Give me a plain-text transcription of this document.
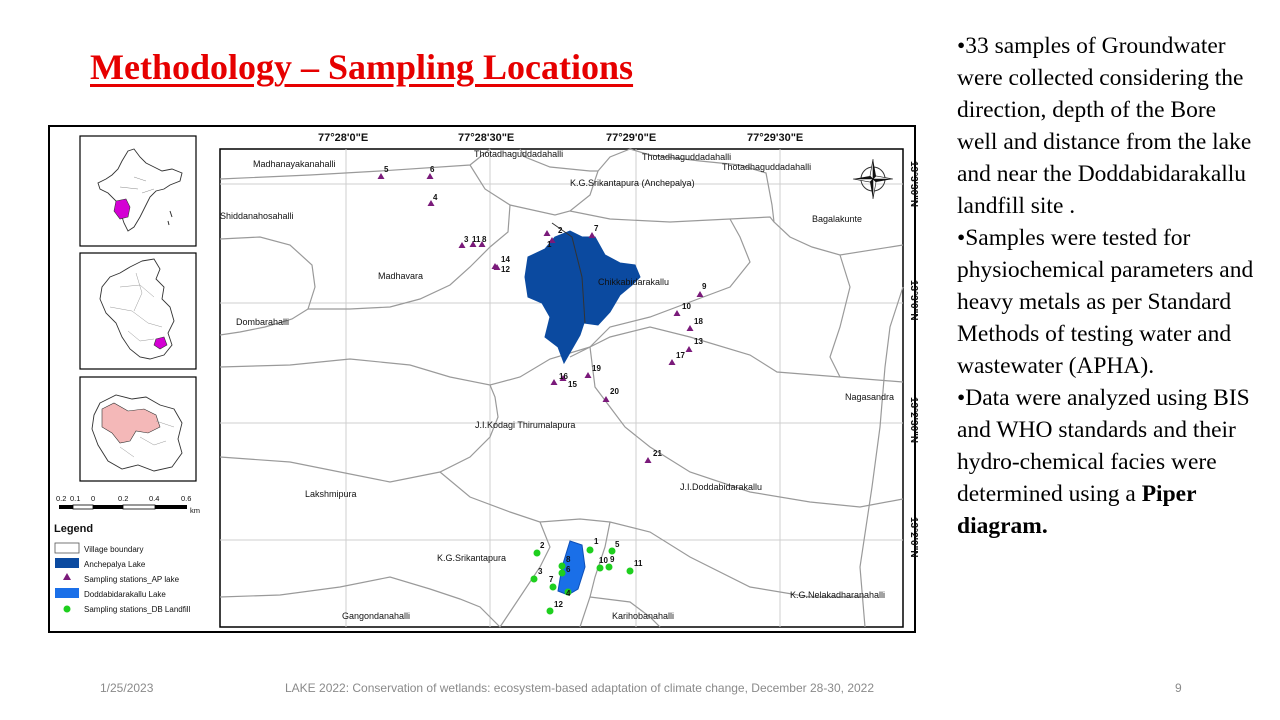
Methodology – Sampling Locations

•33 samples of Groundwater were collected considering the direction, depth of the Bore well and distance from the lake and near the Doddabidarakallu landfill site .

•Samples were tested for physiochemical parameters and heavy metals as per Standard Methods of testing water and wastewater (APHA).

•Data were analyzed using BIS and WHO standards and their hydro-chemical facies were determined using a Piper diagram.

Madhanayakanahalli
Thotadhaguddadahalli	Thotadhaguddadahalli
Thotadhaguddadahalli
K.G.Srikantapura (Anchepalya)
Shiddanahosahalli	Bagalakunte
Madhavara
Chikkabidarakallu
Dombarahalli
Nagasandra
J.I.Kodagi Thirumalapura
J.I.Doddabidarakallu
Lakshmipura
K.G.Srikantapura
K.G.Nelakadharanahalli
Gangondanahalli	Karihobanahalli
1
2
3
4
5	6
7
8
9
10
11
12
13
14
15
16
17
18
19
20
21
1
2
3
4
5
6
7
8	9
10	11
12
77°28'0"E	77°28'30"E	77°29'0"E	77°29'30"E
13°3'30"N
13°3'0"N
13°2'30"N
13°2'0"N
0.2 0.1 0	0.2	0.4	0.6
km
Legend
Village boundary
Anchepalya Lake
Sampling stations_AP lake
Doddabidarakallu Lake
Sampling stations_DB Landfill
1/25/2023	LAKE 2022: Conservation of wetlands: ecosystem-based adaptation of climate change, December 28-30, 2022	9
